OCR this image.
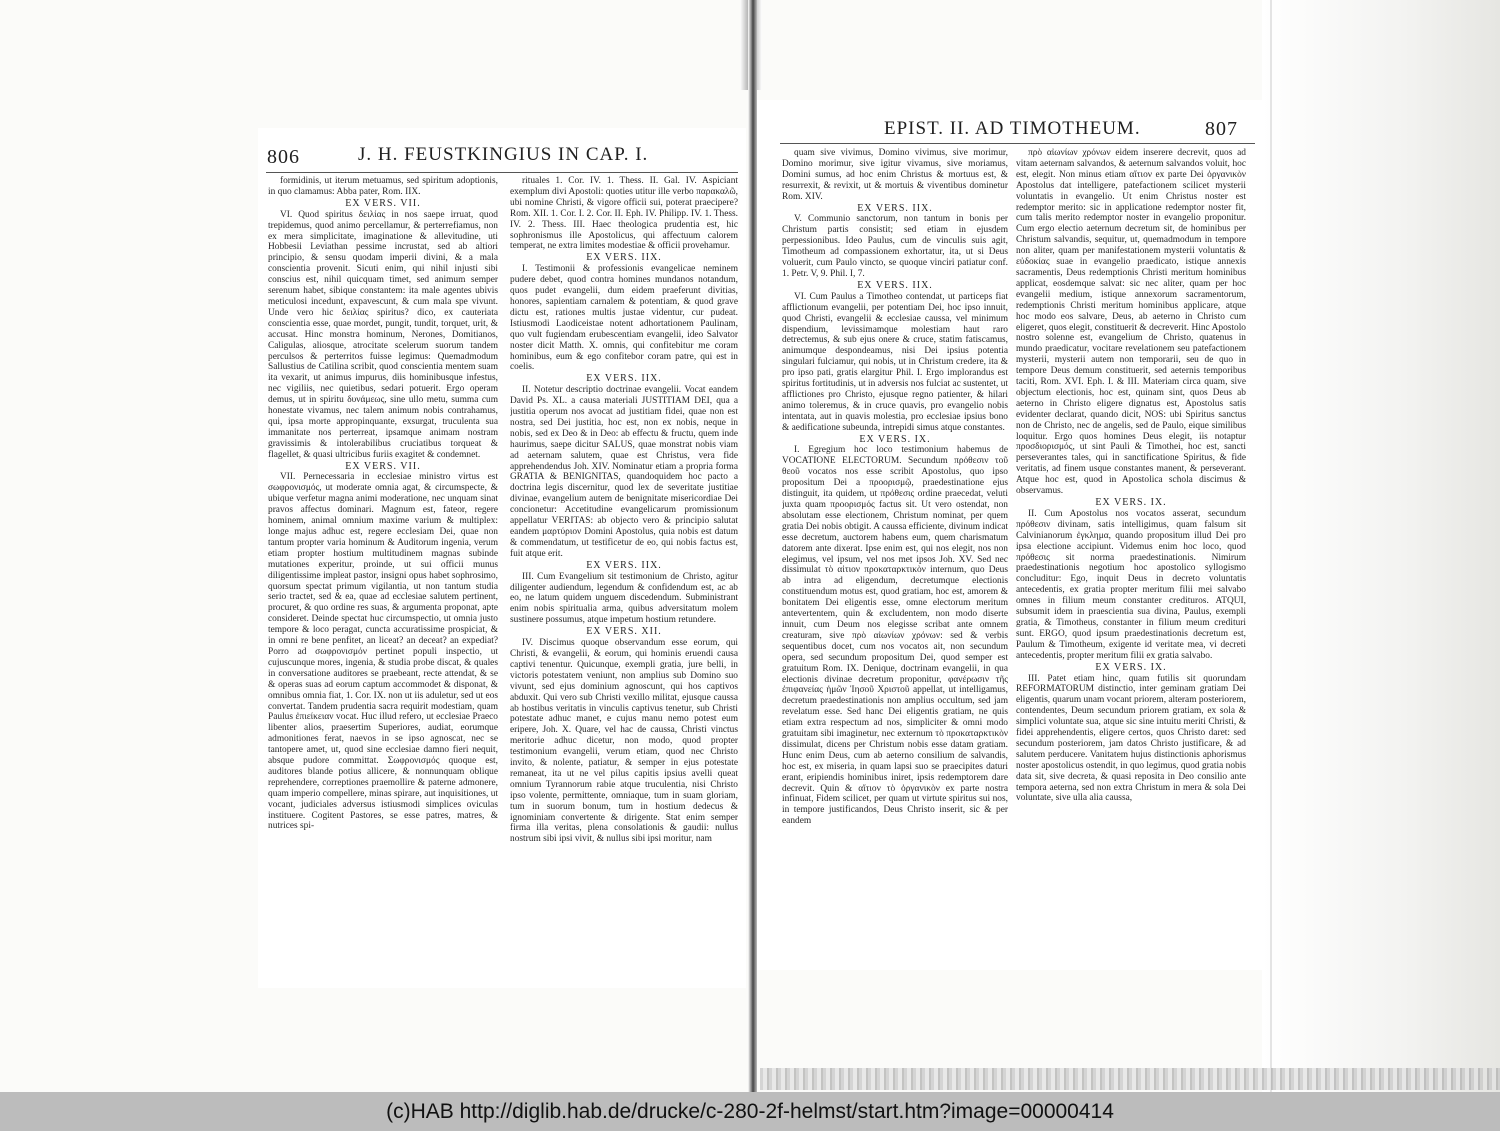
806	J. H. FEUSTKINGIUS IN CAP. I.

formidinis, ut iterum metuamus, sed spiritum adoptionis, in quo clamamus: Abba pater, Rom. IIX.

EX VERS. VII.

VI. Quod spiritus δειλίας in nos saepe irruat, quod trepidemus, quod animo percellamur, & perterrefiamus, non ex mera simplicitate, imaginatione & allevitudine, uti Hobbesii Leviathan pessime incrustat, sed ab altiori principio, & sensu quodam imperii divini, & a mala conscientia provenit. Sicuti enim, qui nihil injusti sibi conscius est, nihil quicquam timet, sed animum semper serenum habet, sibique constantem: ita male agentes ubivis meticulosi incedunt, expavescunt, & cum mala spe vivunt. Unde vero hic δειλίας spiritus? dico, ex cauteriata conscientia esse, quae mordet, pungit, tundit, torquet, urit, & accusat. Hinc monstra hominum, Nerones, Domitianos, Caligulas, aliosque, atrocitate scelerum suorum tandem perculsos & perterritos fuisse legimus: Quemadmodum Sallustius de Catilina scribit, quod conscientia mentem suam ita vexarit, ut animus impurus, diis hominibusque infestus, nec vigiliis, nec quietibus, sedari potuerit. Ergo operam demus, ut in spiritu δυνάμεως, sine ullo metu, summa cum honestate vivamus, nec talem animum nobis contrahamus, qui, ipsa morte appropinquante, exsurgat, truculenta sua immanitate nos perterreat, ipsamque animam nostram gravissimis & intolerabilibus cruciatibus torqueat & flagellet, & quasi ultricibus furiis exagitet & condemnet.

EX VERS. VII.

VII. Pernecessaria in ecclesiae ministro virtus est σωφρονισμός, ut moderate omnia agat, & circumspecte, & ubique verfetur magna animi moderatione, nec unquam sinat pravos affectus dominari. Magnum est, fateor, regere hominem, animal omnium maxime varium & multiplex: longe majus adhuc est, regere ecclesiam Dei, quae non tantum propter varia hominum & Auditorum ingenia, verum etiam propter hostium multitudinem magnas subinde mutationes experitur, proinde, ut sui officii munus diligentissime impleat pastor, insigni opus habet sophrosimo, quorsum spectat primum vigilantia, ut non tantum studia serio tractet, sed & ea, quae ad ecclesiae salutem pertinent, procuret, & quo ordine res suas, & argumenta proponat, apte consideret. Deinde spectat huc circumspectio, ut omnia justo tempore & loco peragat, cuncta accuratissime prospiciat, & in omni re bene penfitet, an liceat? an deceat? an expediat? Porro ad σωφρονισμόν pertinet populi inspectio, ut cujuscunque mores, ingenia, & studia probe discat, & quales in conversatione auditores se praebeant, recte attendat, & se & operas suas ad eorum captum accommodet & disponat, & omnibus omnia fiat, 1. Cor. IX. non ut iis aduletur, sed ut eos convertat. Tandem prudentia sacra requirit modestiam, quam Paulus ἐπιείκειαν vocat. Huc illud refero, ut ecclesiae Praeco libenter alios, praesertim Superiores, audiat, eorumque admonitiones ferat, naevos in se ipso agnoscat, nec se tantopere amet, ut, quod sine ecclesiae damno fieri nequit, absque pudore committat. Σωφρονισμός quoque est, auditores blande potius allicere, & nonnunquam oblique reprehendere, correptiones praemollire & paterne admonere, quam imperio compellere, minas spirare, aut inquisitiones, ut vocant, judiciales adversus istiusmodi simplices oviculas instituere. Cogitent Pastores, se esse patres, matres, & nutrices spi-

rituales 1. Cor. IV. 1. Thess. II. Gal. IV. Aspiciant exemplum divi Apostoli: quoties utitur ille verbo παρακαλῶ, ubi nomine Christi, & vigore officii sui, poterat praecipere? Rom. XII. 1. Cor. I. 2. Cor. II. Eph. IV. Philipp. IV. 1. Thess. IV. 2. Thess. III. Haec theologica prudentia est, hic sophronismus ille Apostolicus, qui affectuum calorem temperat, ne extra limites modestiae & officii provehamur.

EX VERS. IIX.

I. Testimonii & professionis evangelicae neminem pudere debet, quod contra homines mundanos notandum, quos pudet evangelii, dum eidem praeferunt divitias, honores, sapientiam carnalem & potentiam, & quod grave dictu est, rationes multis justae videntur, cur pudeat. Istiusmodi Laodiceistae notent adhortationem Paulinam, quo vult fugiendam erubescentiam evangelii, ideo Salvator noster dicit Matth. X. omnis, qui confitebitur me coram hominibus, eum & ego confitebor coram patre, qui est in coelis.

EX VERS. IIX.

II. Notetur descriptio doctrinae evangelii. Vocat eandem David Ps. XL. a causa materiali JUSTITIAM DEI, qua a justitia operum nos avocat ad justitiam fidei, quae non est nostra, sed Dei justitia, hoc est, non ex nobis, neque in nobis, sed ex Deo & in Deo: ab effectu & fructu, quem inde haurimus, saepe dicitur SALUS, quae monstrat nobis viam ad aeternam salutem, quae est Christus, vera fide apprehendendus Joh. XIV. Nominatur etiam a propria forma GRATIA & BENIGNITAS, quandoquidem hoc pacto a doctrina legis discernitur, quod lex de severitate justitiae divinae, evangelium autem de benignitate misericordiae Dei concionetur: Accetitudine evangelicarum promissionum appellatur VERITAS: ab objecto vero & principio salutat eandem μαρτύριον Domini Apostolus, quia nobis est datum & commendatum, ut testificetur de eo, qui nobis factus est, fuit atque erit.

EX VERS. IIX.

III. Cum Evangelium sit testimonium de Christo, agitur diligenter audiendum, legendum & confidendum est, ac ab eo, ne latum quidem unguem discedendum. Subministrant enim nobis spiritualia arma, quibus adversitatum molem sustinere possumus, atque impetum hostium retundere.

EX VERS. XII.

IV. Discimus quoque observandum esse eorum, qui Christi, & evangelii, & eorum, qui hominis eruendi causa captivi tenentur. Quicunque, exempli gratia, jure belli, in victoris potestatem veniunt, non amplius sub Domino suo vivunt, sed ejus dominium agnoscunt, qui hos captivos abduxit. Qui vero sub Christi vexillo militat, ejusque caussa ab hostibus veritatis in vinculis captivus tenetur, sub Christi potestate adhuc manet, e cujus manu nemo potest eum eripere, Joh. X. Quare, vel hac de caussa, Christi vinctus meritorie adhuc dicetur, non modo, quod propter testimonium evangelii, verum etiam, quod nec Christo invito, & nolente, patiatur, & semper in ejus potestate remaneat, ita ut ne vel pilus capitis ipsius avelli queat omnium Tyrannorum rabie atque truculentia, nisi Christo ipso volente, permittente, omniaque, tum in suam gloriam, tum in suorum bonum, tum in hostium dedecus & ignominiam convertente & dirigente. Stat enim semper firma illa veritas, plena consolationis & gaudii: nullus nostrum sibi ipsi vivit, & nullus sibi ipsi moritur, nam

EPIST. II. AD TIMOTHEUM.	807

quam sive vivimus, Domino vivimus, sive morimur, Domino morimur, sive igitur vivamus, sive moriamus, Domini sumus, ad hoc enim Christus & mortuus est, & resurrexit, & revixit, ut & mortuis & viventibus dominetur Rom. XIV.

EX VERS. IIX.

V. Communio sanctorum, non tantum in bonis per Christum partis consistit; sed etiam in ejusdem perpessionibus. Ideo Paulus, cum de vinculis suis agit, Timotheum ad compassionem exhortatur, ita, ut si Deus voluerit, cum Paulo vincto, se quoque vinciri patiatur conf. 1. Petr. V, 9. Phil. I, 7.

EX VERS. IIX.

VI. Cum Paulus a Timotheo contendat, ut particeps fiat afflictionum evangelii, per potentiam Dei, hoc ipso innuit, quod Christi, evangelii & ecclesiae caussa, vel minimum dispendium, levissimamque molestiam haut raro detrectemus, & sub ejus onere & cruce, statim fatiscamus, animumque despondeamus, nisi Dei ipsius potentia singulari fulciamur, qui nobis, ut in Christum credere, ita & pro ipso pati, gratis elargitur Phil. I. Ergo implorandus est spiritus fortitudinis, ut in adversis nos fulciat ac sustentet, ut afflictiones pro Christo, ejusque regno patienter, & hilari animo toleremus, & in cruce quavis, pro evangelio nobis intentata, aut in quavis molestia, pro ecclesiae ipsius bono & aedificatione subeunda, intrepidi simus atque constantes.

EX VERS. IX.

I. Egregium hoc loco testimonium habemus de VOCATIONE ELECTORUM. Secundum πρόθεσιν τοῦ θεοῦ vocatos nos esse scribit Apostolus, quo ipso propositum Dei a προορισμῷ, praedestinatione ejus distinguit, ita quidem, ut πρόθεσις ordine praecedat, veluti juxta quam προορισμός factus sit. Ut vero ostendat, non absolutam esse electionem, Christum nominat, per quem gratia Dei nobis obtigit. A caussa efficiente, divinum indicat esse decretum, auctorem habens eum, quem charismatum datorem ante dixerat. Ipse enim est, qui nos elegit, nos non elegimus, vel ipsum, vel nos met ipsos Joh. XV. Sed nec dissimulat τὸ αἰτιον προκαταρκτικὸν internum, quo Deus ab intra ad eligendum, decretumque electionis constituendum motus est, quod gratiam, hoc est, amorem & bonitatem Dei eligentis esse, omne electorum meritum antevertentem, quin & excludentem, non modo diserte innuit, cum Deum nos elegisse scribat ante omnem creaturam, sive πρὸ αἰωνίων χρόνων: sed & verbis sequentibus docet, cum nos vocatos ait, non secundum opera, sed secundum propositum Dei, quod semper est gratuitum Rom. IX. Denique, doctrinam evangelii, in qua electionis divinae decretum proponitur, φανέρωσιν τῆς ἐπιφανείας ἡμῶν Ἰησοῦ Χριστοῦ appellat, ut intelligamus, decretum praedestinationis non amplius occultum, sed jam revelatum esse. Sed hanc Dei eligentis gratiam, ne quis etiam extra respectum ad nos, simpliciter & omni modo gratuitam sibi imaginetur, nec externum τὸ προκαταρκτικὸν dissimulat, dicens per Christum nobis esse datam gratiam. Hunc enim Deus, cum ab aeterno consilium de salvandis, hoc est, ex miseria, in quam lapsi suo se praecipites daturi erant, eripiendis hominibus iniret, ipsis redemptorem dare decrevit. Quin & αἴτιον τὸ ὀργανικὸν ex parte nostra infinuat, Fidem scilicet, per quam ut virtute spiritus sui nos, in tempore justificandos, Deus Christo inserit, sic & per eandem

πρὸ αἰωνίων χρόνων eidem inserere decrevit, quos ad vitam aeternam salvandos, & aeternum salvandos voluit, hoc est, elegit. Non minus etiam αἴτιον ex parte Dei ὀργανικὸν Apostolus dat intelligere, patefactionem scilicet mysterii voluntatis in evangelio. Ut enim Christus noster est redemptor merito: sic in applicatione redemptor noster fit, cum talis merito redemptor noster in evangelio proponitur. Cum ergo electio aeternum decretum sit, de hominibus per Christum salvandis, sequitur, ut, quemadmodum in tempore non aliter, quam per manifestationem mysterii voluntatis & εὐδοκίας suae in evangelio praedicato, istique annexis sacramentis, Deus redemptionis Christi meritum hominibus applicat, eosdemque salvat: sic nec aliter, quam per hoc evangelii medium, istique annexorum sacramentorum, redemptionis Christi meritum hominibus applicare, atque hoc modo eos salvare, Deus, ab aeterno in Christo cum eligeret, quos elegit, constituerit & decreverit. Hinc Apostolo nostro solenne est, evangelium de Christo, quatenus in mundo praedicatur, vocitare revelationem seu patefactionem mysterii, mysterii autem non temporarii, seu de quo in tempore Deus demum constituerit, sed aeternis temporibus taciti, Rom. XVI. Eph. I. & III. Materiam circa quam, sive objectum electionis, hoc est, quinam sint, quos Deus ab aeterno in Christo eligere dignatus est, Apostolus satis evidenter declarat, quando dicit, NOS: ubi Spiritus sanctus non de Christo, nec de angelis, sed de Paulo, eique similibus loquitur. Ergo quos homines Deus elegit, iis notaptur προσδιορισμός, ut sint Pauli & Timothei, hoc est, sancti perseverantes tales, qui in sanctificatione Spiritus, & fide veritatis, ad finem usque constantes manent, & perseverant. Atque hoc est, quod in Apostolica schola discimus & observamus.

EX VERS. IX.

II. Cum Apostolus nos vocatos asserat, secundum πρόθεσιν divinam, satis intelligimus, quam falsum sit Calvinianorum ἐγκλημα, quando propositum illud Dei pro ipsa electione accipiunt. Videmus enim hoc loco, quod πρόθεσις sit norma praedestinationis. Nimirum praedestinationis negotium hoc apostolico syllogismo concluditur: Ego, inquit Deus in decreto voluntatis antecedentis, ex gratia propter meritum filii mei salvabo omnes in filium meum constanter credituros. ATQUI, subsumit idem in praescientia sua divina, Paulus, exempli gratia, & Timotheus, constanter in filium meum credituri sunt. ERGO, quod ipsum praedestinationis decretum est, Paulum & Timotheum, exigente id veritate mea, vi decreti antecedentis, propter meritum filii ex gratia salvabo.

EX VERS. IX.

III. Patet etiam hinc, quam futilis sit quorundam REFORMATORUM distinctio, inter geminam gratiam Dei eligentis, quarum unam vocant priorem, alteram posteriorem, contendentes, Deum secundum priorem gratiam, ex sola & simplici voluntate sua, atque sic sine intuitu meriti Christi, & fidei apprehendentis, eligere certos, quos Christo daret: sed secundum posteriorem, jam datos Christo justificare, & ad salutem perducere. Vanitatem hujus distinctionis aphorismus noster apostolicus ostendit, in quo legimus, quod gratia nobis data sit, sive decreta, & quasi reposita in Deo consilio ante tempora aeterna, sed non extra Christum in mera & sola Dei voluntate, sive ulla alia caussa,

(c)HAB http://diglib.hab.de/drucke/c-280-2f-helmst/start.htm?image=00000414
